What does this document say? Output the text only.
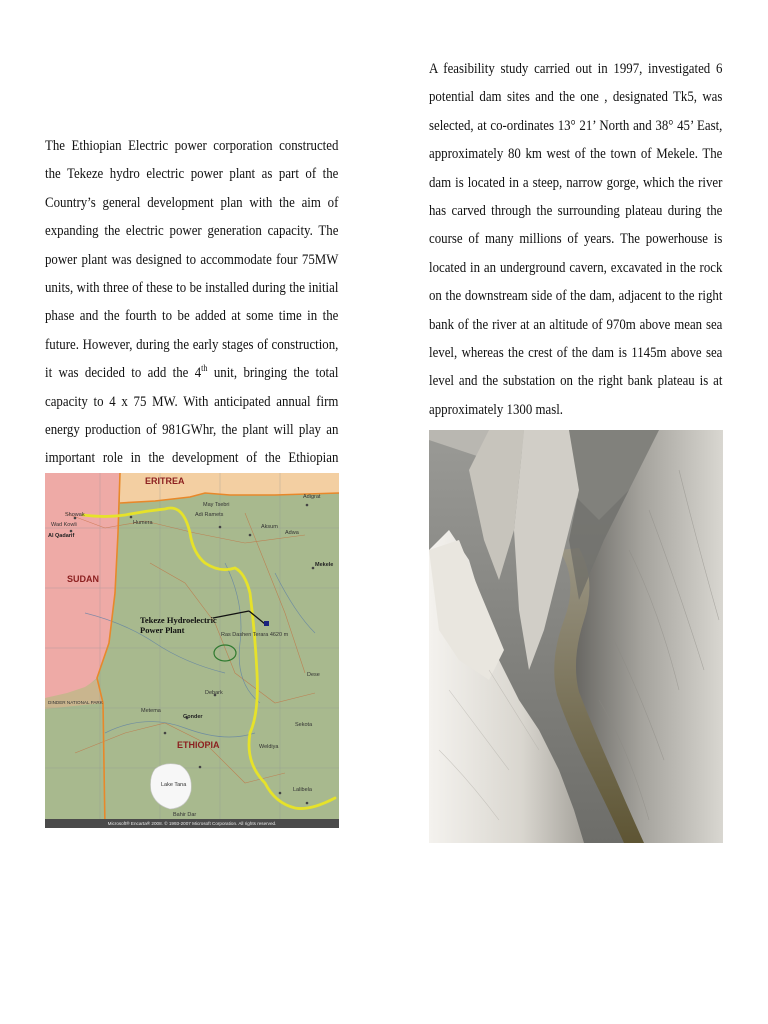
The Ethiopian Electric power corporation constructed the Tekeze hydro electric power plant as part of the Country’s general development plan with the aim of expanding the electric power generation capacity. The power plant was designed to accommodate four 75MW units, with three of these to be installed during the initial phase and the fourth to be added at some time in the future. However, during the early stages of construction, it was decided to add the 4th unit, bringing the total capacity to 4 x 75 MW. With anticipated annual firm energy production of 981GWhr, the plant will play an important role in the development of the Ethiopian

A feasibility study carried out in 1997, investigated 6 potential dam sites and the one , designated Tk5, was selected, at co-ordinates 13° 21’ North and 38° 45’ East, approximately 80 km west of the town of Mekele. The dam is located in a steep, narrow gorge, which the river has carved through the surrounding plateau during the course of many millions of years. The powerhouse is located in an underground cavern, excavated in the rock on the downstream side of the dam, adjacent to the right bank of the river at an altitude of 970m above mean sea level, whereas the crest of the dam is 1145m above sea level and the substation on the right bank plateau is at approximately 1300 masl.

ERITREA
SUDAN
ETHIOPIA
Tekeze Hydroelectric
Power Plant
Showak
Wad Kowli
Al Qadarif
DINDER NATIONAL PARK
Humera
Adi Ramets
May Tsebri
Aksum
Adwa
Adigrat
Mekele
Sekota
Lalibela
Gonder
Debark
Metema
Bahir Dar
Weldiya
Lake Tana
Ras Dashen Terara 4620 m
Dese
Microsoft® Encarta® 2008. © 1993-2007 Microsoft Corporation. All rights reserved.
